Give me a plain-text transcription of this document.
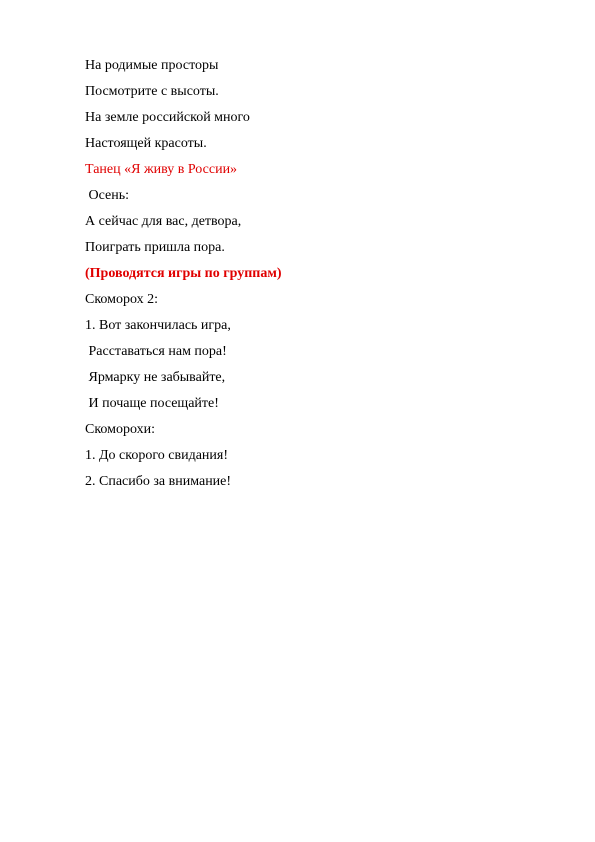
На родимые просторы
Посмотрите с высоты.
На земле российской много
Настоящей красоты.
Танец «Я живу в России»
Осень:
А сейчас для вас, детвора,
Поиграть пришла пора.
(Проводятся игры по группам)
Скоморох 2:
1. Вот закончилась игра,
Расставаться нам пора!
Ярмарку не забывайте,
И почаще посещайте!
Скоморохи:
1. До скорого свидания!
2. Спасибо за внимание!
